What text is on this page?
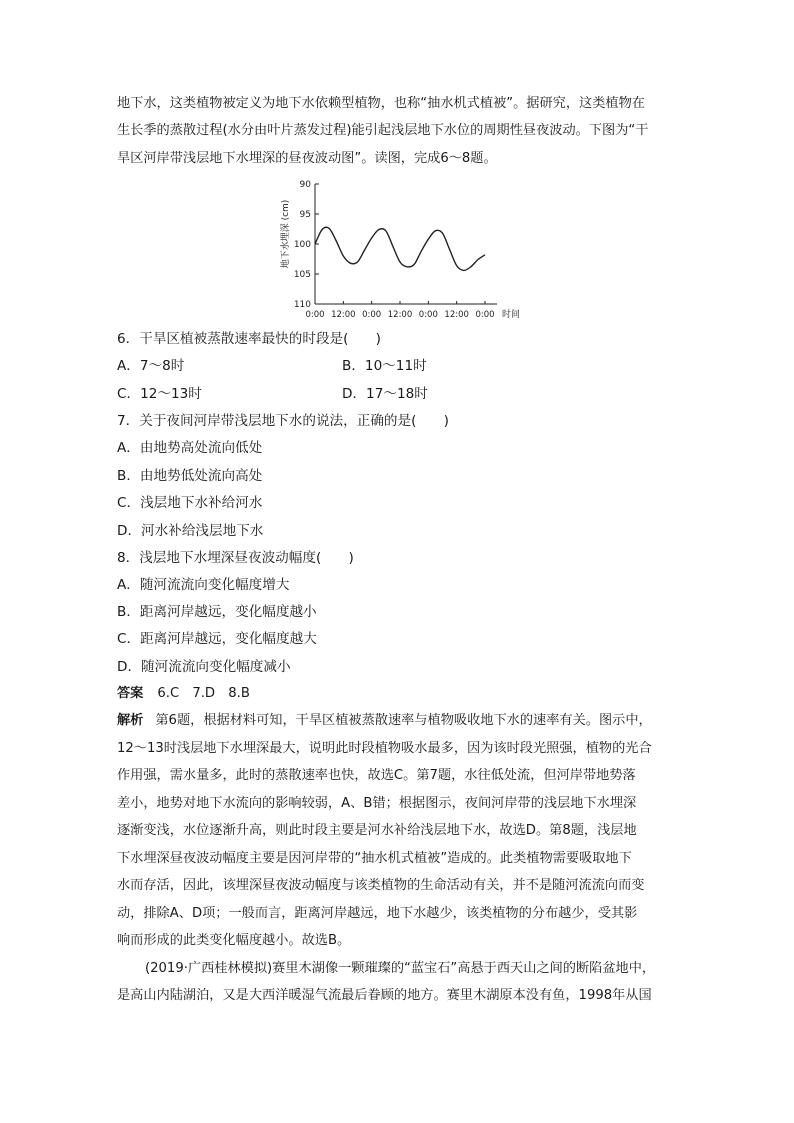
地下水，这类植物被定义为地下水依赖型植物，也称“抽水机式植被”。据研究，这类植物在
生长季的蒸散过程(水分由叶片蒸发过程)能引起浅层地下水位的周期性昼夜波动。下图为“干
旱区河岸带浅层地下水埋深的昼夜波动图”。读图，完成6～8题。
90
95
100
105
110
0:00 12:00 0:00 12:00 0:00 12:00 0:00
地下水埋深 (cm)
时间
6．干旱区植被蒸散速率最快的时段是(　　)
A．7～8时	B．10～11时
C．12～13时	D．17～18时
7．关于夜间河岸带浅层地下水的说法，正确的是(　　)
A．由地势高处流向低处
B．由地势低处流向高处
C．浅层地下水补给河水
D．河水补给浅层地下水
8．浅层地下水埋深昼夜波动幅度(　　)
A．随河流流向变化幅度增大
B．距离河岸越远，变化幅度越小
C．距离河岸越远，变化幅度越大
D．随河流流向变化幅度减小
答案 6.C　7.D　8.B
解析 第6题，根据材料可知，干旱区植被蒸散速率与植物吸收地下水的速率有关。图示中，
12～13时浅层地下水埋深最大，说明此时段植物吸水最多，因为该时段光照强，植物的光合
作用强，需水量多，此时的蒸散速率也快，故选C。第7题，水往低处流，但河岸带地势落
差小，地势对地下水流向的影响较弱，A、B错；根据图示，夜间河岸带的浅层地下水埋深
逐渐变浅，水位逐渐升高，则此时段主要是河水补给浅层地下水，故选D。第8题，浅层地
下水埋深昼夜波动幅度主要是因河岸带的“抽水机式植被”造成的。此类植物需要吸取地下
水而存活，因此，该埋深昼夜波动幅度与该类植物的生命活动有关，并不是随河流流向而变
动，排除A、D项；一般而言，距离河岸越远，地下水越少，该类植物的分布越少，受其影
响而形成的此类变化幅度越小。故选B。
(2019·广西桂林模拟)赛里木湖像一颗璀璨的“蓝宝石”高悬于西天山之间的断陷盆地中，
是高山内陆湖泊，又是大西洋暖湿气流最后眷顾的地方。赛里木湖原本没有鱼，1998年从国
